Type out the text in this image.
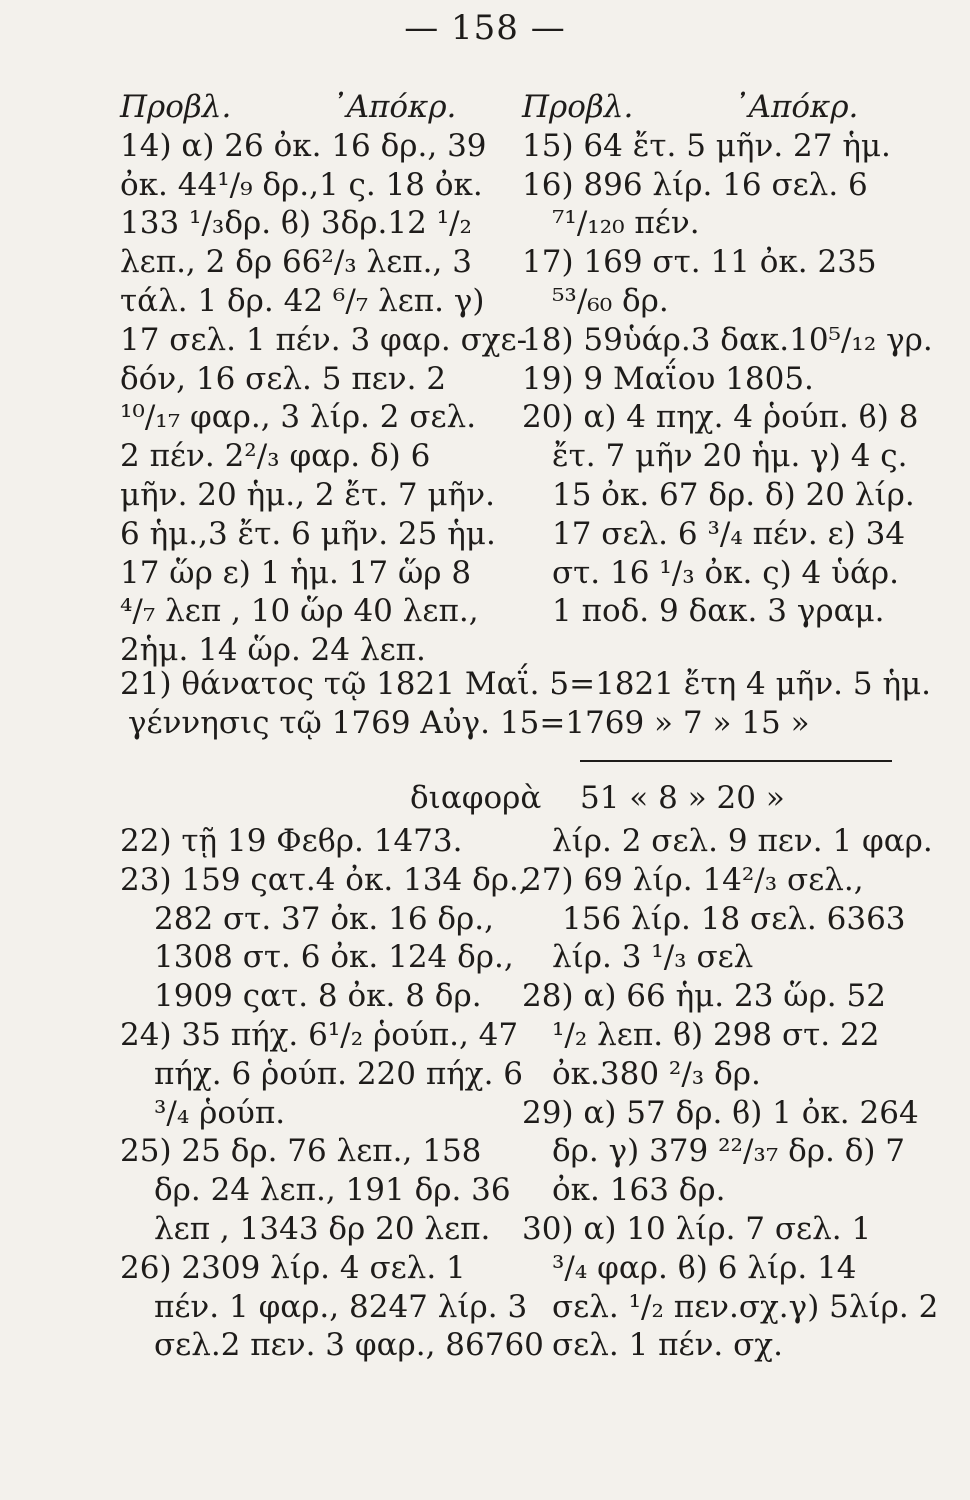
— 158 —
Προβλ.	᾿Απόκρ.
14) α) 26 ὀκ. 16 δρ., 39
ὀκ. 44¹/₉ δρ.,1 ς. 18 ὀκ.
133 ¹/₃δρ. ϐ) 3δρ.12 ¹/₂
λεπ., 2 δρ 66²/₃ λεπ., 3
τάλ. 1 δρ. 42 ⁶/₇ λεπ. γ)
17 σελ. 1 πέν. 3 φαρ. σχε-
δόν, 16 σελ. 5 πεν. 2
¹⁰/₁₇ φαρ., 3 λίρ. 2 σελ.
2 πέν. 2²/₃ φαρ. δ) 6
μῆν. 20 ἡμ., 2 ἔτ. 7 μῆν.
6 ἡμ.,3 ἔτ. 6 μῆν. 25 ἡμ.
17 ὥρ ε) 1 ἡμ. 17 ὥρ 8
⁴/₇ λεπ , 10 ὥρ 40 λεπ.,
2ἡμ. 14 ὥρ. 24 λεπ.
Προβλ.	᾿Απόκρ.
15) 64 ἔτ. 5 μῆν. 27 ἡμ.
16) 896 λίρ. 16 σελ. 6
⁷¹/₁₂₀ πέν.
17) 169 στ. 11 ὀκ. 235
⁵³/₆₀ δρ.
18) 59ὑάρ.3 δακ.10⁵/₁₂ γρ.
19) 9 Μαΐου 1805.
20) α) 4 πηχ. 4 ῥούπ. ϐ) 8
ἔτ. 7 μῆν 20 ἡμ. γ) 4 ς.
15 ὀκ. 67 δρ. δ) 20 λίρ.
17 σελ. 6 ³/₄ πέν. ε) 34
στ. 16 ¹/₃ ὀκ. ς) 4 ὑάρ.
1 ποδ. 9 δακ. 3 γραμ.
21) θάνατος τῷ 1821 Μαΐ. 5=1821 ἔτη 4 μῆν. 5 ἡμ.
γέννησις τῷ 1769 Αὐγ. 15=1769 » 7 » 15 »
διαφορὰ 51 « 8 » 20 »
22) τῇ 19 Φεϐρ. 1473.
23) 159 ςατ.4 ὀκ. 134 δρ.,
282 στ. 37 ὀκ. 16 δρ.,
1308 στ. 6 ὀκ. 124 δρ.,
1909 ςατ. 8 ὀκ. 8 δρ.
24) 35 πήχ. 6¹/₂ ῥούπ., 47
πήχ. 6 ῥούπ. 220 πήχ. 6
³/₄ ῥούπ.
25) 25 δρ. 76 λεπ., 158
δρ. 24 λεπ., 191 δρ. 36
λεπ , 1343 δρ 20 λεπ.
26) 2309 λίρ. 4 σελ. 1
πέν. 1 φαρ., 8247 λίρ. 3
σελ.2 πεν. 3 φαρ., 86760
λίρ. 2 σελ. 9 πεν. 1 φαρ.
27) 69 λίρ. 14²/₃ σελ.,
156 λίρ. 18 σελ. 6363
λίρ. 3 ¹/₃ σελ
28) α) 66 ἡμ. 23 ὥρ. 52
¹/₂ λεπ. ϐ) 298 στ. 22
ὀκ.380 ²/₃ δρ.
29) α) 57 δρ. ϐ) 1 ὀκ. 264
δρ. γ) 379 ²²/₃₇ δρ. δ) 7
ὀκ. 163 δρ.
30) α) 10 λίρ. 7 σελ. 1
³/₄ φαρ. ϐ) 6 λίρ. 14
σελ. ¹/₂ πεν.σχ.γ) 5λίρ. 2
σελ. 1 πέν. σχ.
